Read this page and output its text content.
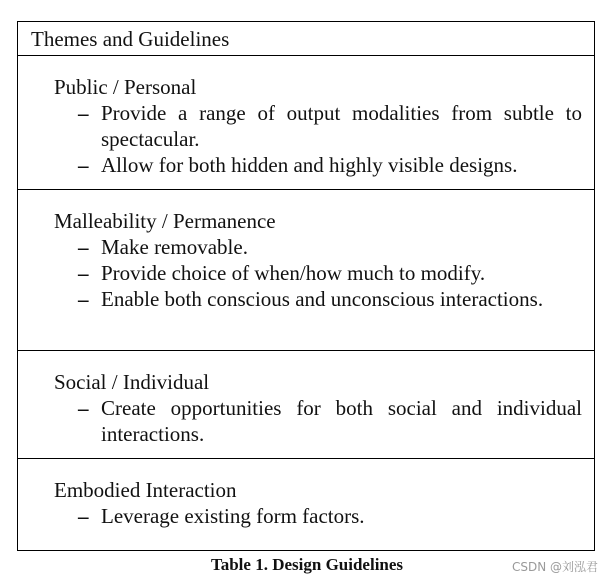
Themes and Guidelines
Public / Personal
– Provide a range of output modalities from subtle to spectacular.
– Allow for both hidden and highly visible designs.
Malleability / Permanence
– Make removable.
– Provide choice of when/how much to modify.
– Enable both conscious and unconscious interactions.
Social / Individual
– Create opportunities for both social and individual interactions.
Embodied Interaction
– Leverage existing form factors.
Table 1. Design Guidelines	CSDN @刘泓君
